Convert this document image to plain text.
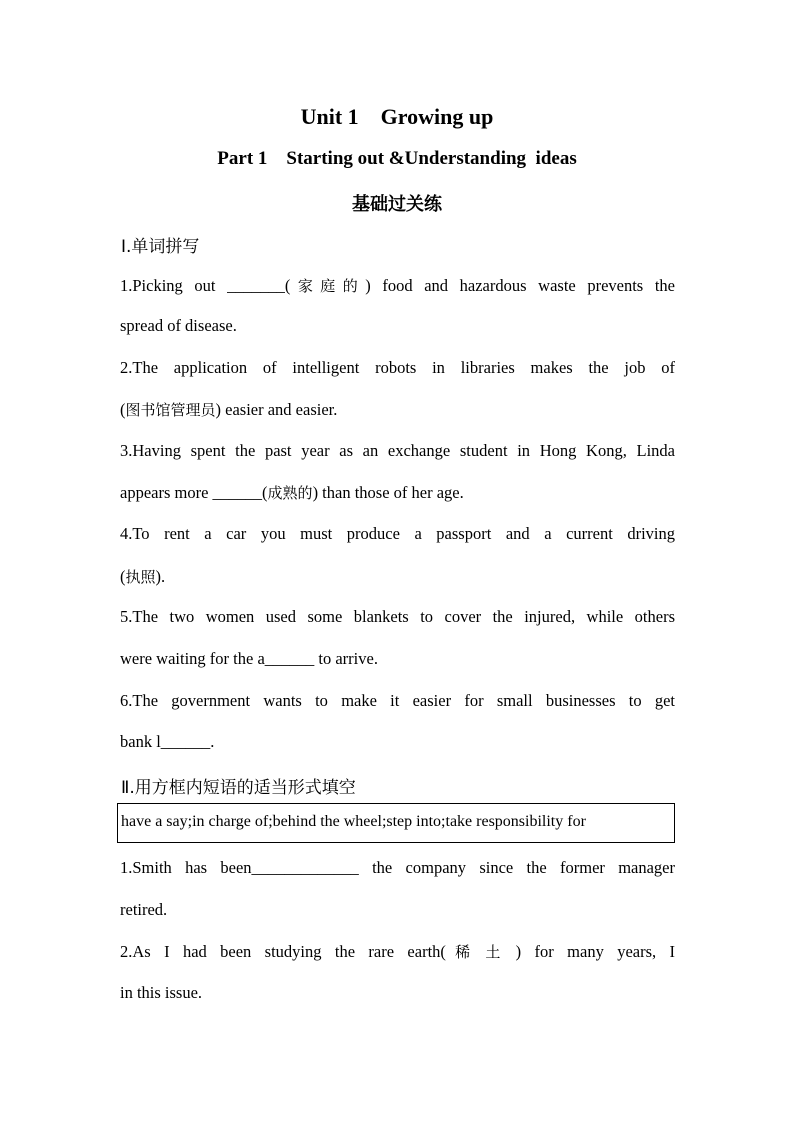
Unit 1    Growing up
Part 1    Starting out &Understanding  ideas
基础过关练
Ⅰ.单词拼写
1.Picking out _______(家庭的) food and hazardous waste prevents the
spread of disease.
2.The application of intelligent robots in libraries makes the job of
(图书馆管理员) easier and easier.
3.Having spent the past year as an exchange student in Hong Kong, Linda
appears more ______(成熟的) than those of her age.
4.To rent a car you must produce a passport and a current driving
(执照).
5.The two women used some blankets to cover the injured, while others
were waiting for the a______ to arrive.
6.The government wants to make it easier for small businesses to get
bank l______.
Ⅱ.用方框内短语的适当形式填空
have a say;in charge of;behind the wheel;step into;take responsibility for
1.Smith has been_____________ the company since the former manager
retired.
2.As I had been studying the rare earth(稀土) for many years, I
in this issue.
